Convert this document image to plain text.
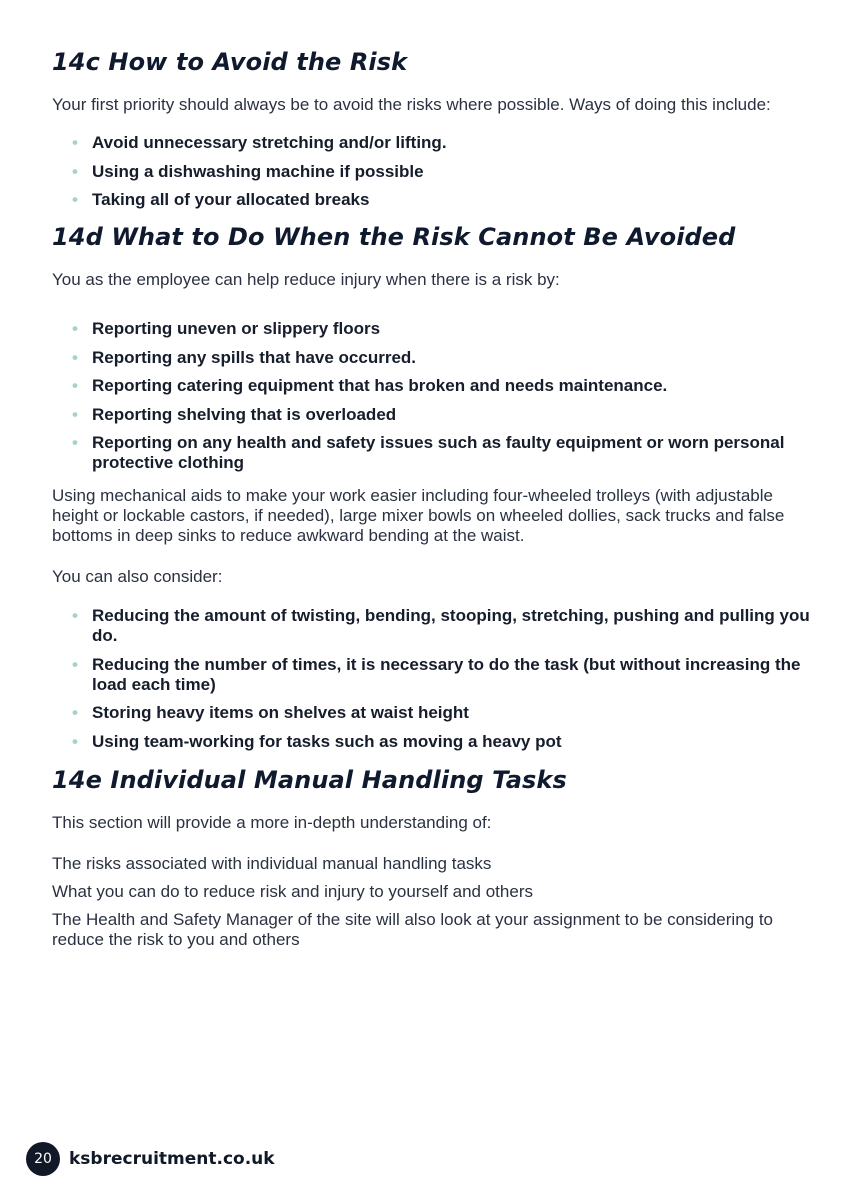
14c How to Avoid the Risk

Your first priority should always be to avoid the risks where possible. Ways of doing this include:

• Avoid unnecessary stretching and/or lifting.
• Using a dishwashing machine if possible
• Taking all of your allocated breaks
14d What to Do When the Risk Cannot Be Avoided

You as the employee can help reduce injury when there is a risk by:

• Reporting uneven or slippery floors
• Reporting any spills that have occurred.
• Reporting catering equipment that has broken and needs maintenance.
• Reporting shelving that is overloaded
• Reporting on any health and safety issues such as faulty equipment or worn personal protective clothing

Using mechanical aids to make your work easier including four-wheeled trolleys (with adjustable height or lockable castors, if needed), large mixer bowls on wheeled dollies, sack trucks and false bottoms in deep sinks to reduce awkward bending at the waist.

You can also consider:

• Reducing the amount of twisting, bending, stooping, stretching, pushing and pulling you do.
• Reducing the number of times, it is necessary to do the task (but without increasing the load each time)
• Storing heavy items on shelves at waist height
• Using team-working for tasks such as moving a heavy pot
14e Individual Manual Handling Tasks

This section will provide a more in-depth understanding of:

The risks associated with individual manual handling tasks

What you can do to reduce risk and injury to yourself and others

The Health and Safety Manager of the site will also look at your assignment to be considering to reduce the risk to you and others

20	ksbrecruitment.co.uk
